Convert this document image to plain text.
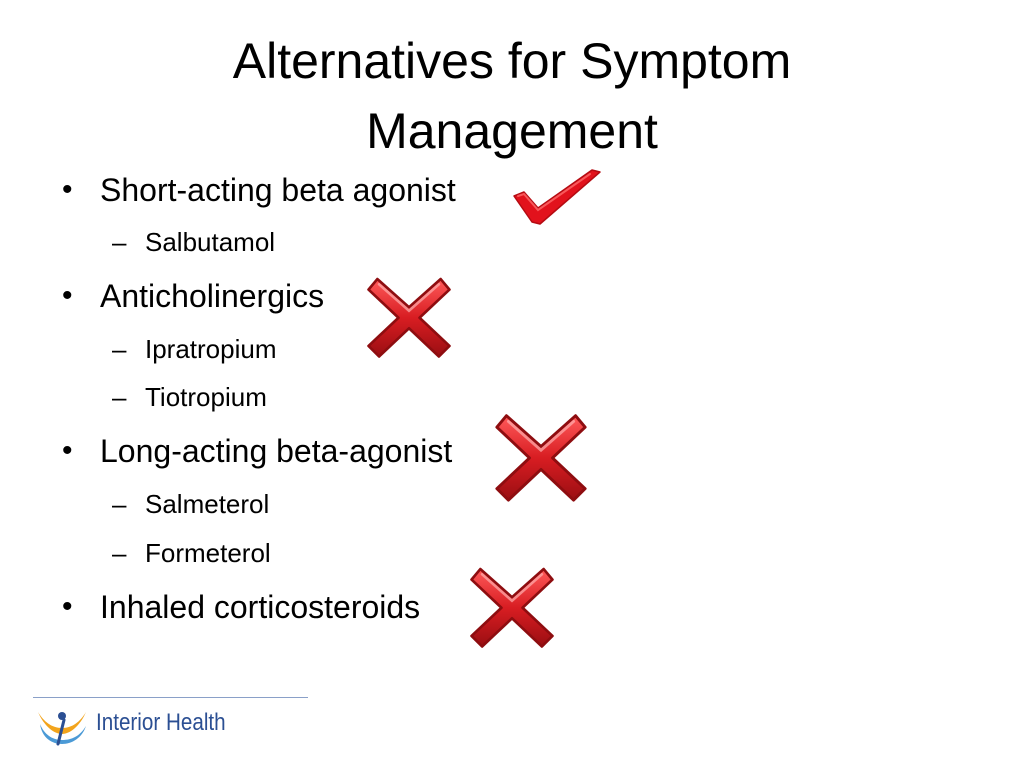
Alternatives for Symptom
Management
• Short-acting beta agonist
– Salbutamol
• Anticholinergics
– Ipratropium
– Tiotropium
• Long-acting beta-agonist
– Salmeterol
– Formeterol
• Inhaled corticosteroids
Interior Health
